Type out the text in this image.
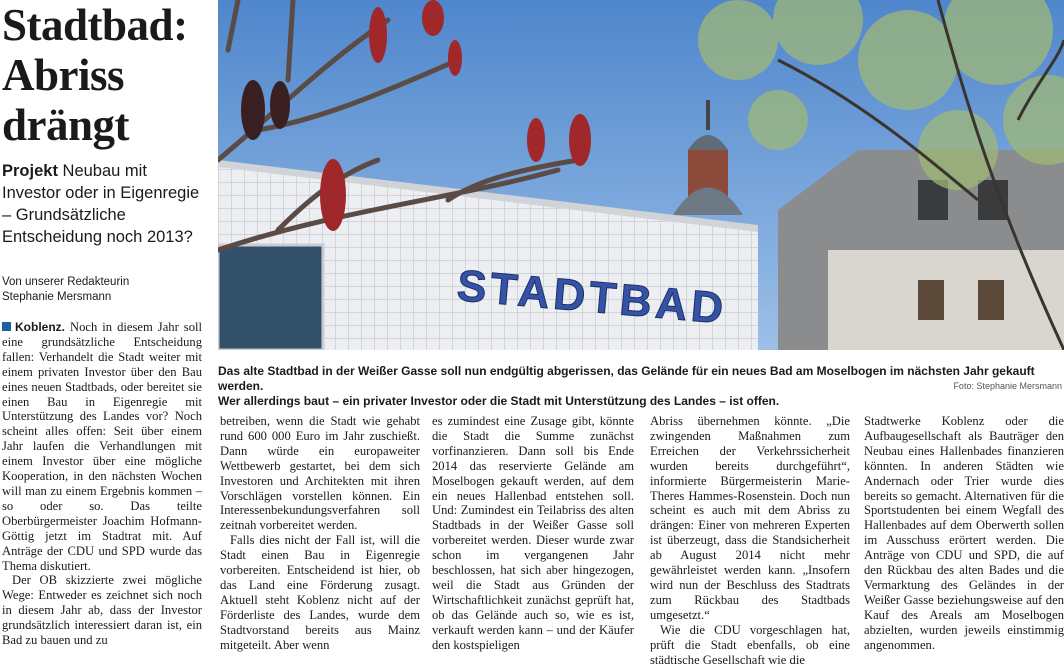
Stadtbad:
Abriss
drängt
Projekt Neubau mit
Investor oder in Eigenregie
– Grundsätzliche
Entscheidung noch 2013?
Von unserer Redakteurin
Stephanie Mersmann	STADTBAD
Das alte Stadtbad in der Weißer Gasse soll nun endgültig abgerissen, das Gelände für ein neues Bad am Moselbogen im nächsten Jahr gekauft werden.
Wer allerdings baut – ein privater Investor oder die Stadt mit Unterstützung des Landes – ist offen.
Foto: Stephanie Mersmann

Koblenz. Noch in diesem Jahr soll eine grundsätzliche Entscheidung fallen: Verhandelt die Stadt weiter mit einem privaten Investor über den Bau eines neuen Stadtbads, oder bereitet sie einen Bau in Eigenregie mit Unterstützung des Landes vor? Noch scheint alles offen: Seit über einem Jahr laufen die Verhandlungen mit einem Investor über eine mögliche Kooperation, in den nächsten Wochen will man zu einem Ergebnis kommen – so oder so. Das teilte Oberbürgermeister Joachim Hofmann-Göttig jetzt im Stadtrat mit. Auf Anträge der CDU und SPD wurde das Thema diskutiert.

Der OB skizzierte zwei mögliche Wege: Entweder es zeichnet sich noch in diesem Jahr ab, dass der Investor grundsätzlich interessiert daran ist, ein Bad zu bauen und zu

betreiben, wenn die Stadt wie gehabt rund 600 000 Euro im Jahr zuschießt. Dann würde ein europaweiter Wettbewerb gestartet, bei dem sich Investoren und Architekten mit ihren Vorschlägen vorstellen können. Ein Interessenbekundungsverfahren soll zeitnah vorbereitet werden.

Falls dies nicht der Fall ist, will die Stadt einen Bau in Eigenregie vorbereiten. Entscheidend ist hier, ob das Land eine Förderung zusagt. Aktuell steht Koblenz nicht auf der Förderliste des Landes, wurde dem Stadtvorstand bereits aus Mainz mitgeteilt. Aber wenn

es zumindest eine Zusage gibt, könnte die Stadt die Summe zunächst vorfinanzieren. Dann soll bis Ende 2014 das reservierte Gelände am Moselbogen gekauft werden, auf dem ein neues Hallenbad entstehen soll. Und: Zumindest ein Teilabriss des alten Stadtbads in der Weißer Gasse soll vorbereitet werden. Dieser wurde zwar schon im vergangenen Jahr beschlossen, hat sich aber hingezogen, weil die Stadt aus Gründen der Wirtschaftlichkeit zunächst geprüft hat, ob das Gelände auch so, wie es ist, verkauft werden kann – und der Käufer den kostspieligen

Abriss übernehmen könnte. „Die zwingenden Maßnahmen zum Erreichen der Verkehrssicherheit wurden bereits durchgeführt“, informierte Bürgermeisterin Marie-Theres Hammes-Rosenstein. Doch nun scheint es auch mit dem Abriss zu drängen: Einer von mehreren Experten ist überzeugt, dass die Standsicherheit ab August 2014 nicht mehr gewährleistet werden kann. „Insofern wird nun der Beschluss des Stadtrats zum Rückbau des Stadtbads umgesetzt.“

Wie die CDU vorgeschlagen hat, prüft die Stadt ebenfalls, ob eine städtische Gesellschaft wie die

Stadtwerke Koblenz oder die Aufbaugesellschaft als Bauträger den Neubau eines Hallenbades finanzieren könnten. In anderen Städten wie Andernach oder Trier wurde dies bereits so gemacht. Alternativen für die Sportstudenten bei einem Wegfall des Hallenbades auf dem Oberwerth sollen im Ausschuss erörtert werden. Die Anträge von CDU und SPD, die auf den Rückbau des alten Bades und die Vermarktung des Geländes in der Weißer Gasse beziehungsweise auf den Kauf des Areals am Moselbogen abzielten, wurden jeweils einstimmig angenommen.
